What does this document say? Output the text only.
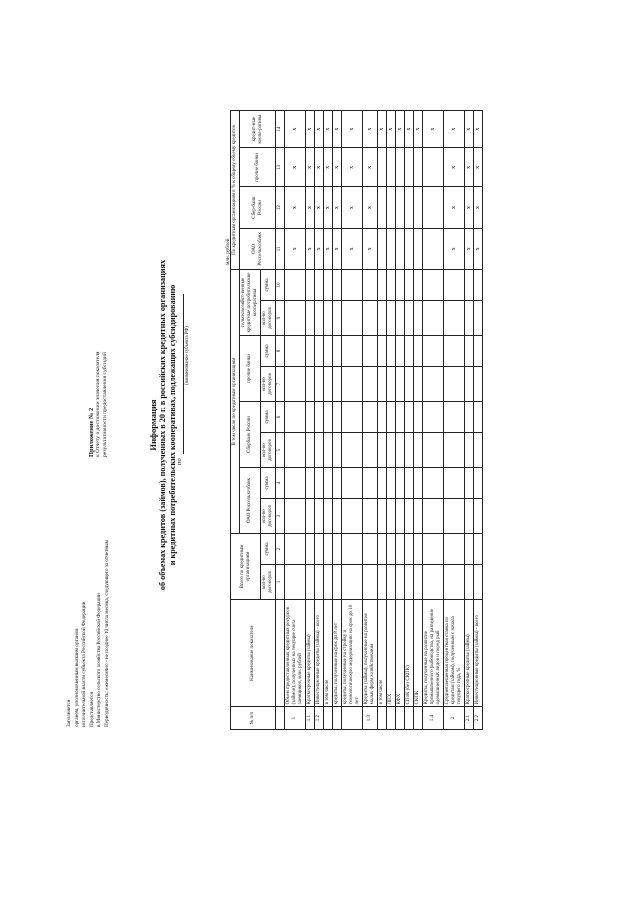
Заполняется органом, уполномоченным высшим органом исполнительной власти субъекта Российской Федерации Представляется в Министерство сельского хозяйства Российской Федерации Периодичность: ежемесячно - не позднее 10 числа месяца, следующего за отчетным
Приложение № 2 к Отчету о достижении значения показателя результативности предоставления субсидий	Информация об объемах кредитов (займов), полученных в 20 г. в российских кредитных организациях и кредитных потребительских кооперативах, подлежащих субсидированию по
(наименование субъекта РФ)
млн. рублей
№ п/п	Наименование показателя	Всего по кредитным организациям		В том числе по кредитным организациям								По кредитным организациям в % к общему объему кредитов			
				ОАО Россельхозбанк		Сбербанк России		прочие банки		сельскохозяйст-венные кредитные потребительские кооперативы		ОАО Россельхозбанк	Сбер-банк России	прочие банки	кредит-ные коопе-ративы
		кол-во договоров	сумма	кол-во договоров	сумма	кол-во договоров	сумма	кол-во договоров	сумма	кол-во договоров	сумма				
		1	2	3	4	5	6	7	8	9	10	11	12	13	14
1	Объем предоставленных кредитных ресурсов (займов), полученных на текущие счета заемщиков, млн. рублей											x	x	x	x
1.1	Краткосрочные кредиты (займы)											x	x	x	x
1.2	Инвестиционные кредиты (займы) - всего											x	x	x	x
	в том числе											x	x	x	x
	кредиты, полученные на срок до 8 лет											x	x	x	x
	кредиты, полученные на стройку и технологическую модернизацию на срок до 10 лет											x	x	x	x
1.3	Кредиты (займы), полученные на развитие малых форм хозяйствования											x	x	x	x
	в том числе														x
	ЛПХ														x
	КФХ														x
	СПоК (без СКПК)														x
	СКПК														x
1.4	Кредиты, полученные на развитие промышленного рыбоводства, на разведение одомашненных видов и пород рыб														x
2	Средневзвешенная процентная ставка по кредитам (займам), полученным с начала текущего года, %											x	x	x	x
2.1	Краткосрочные кредиты (займы)											x	x	x	x
2.2	Инвестиционные кредиты (займы) - всего											x	x	x	x
